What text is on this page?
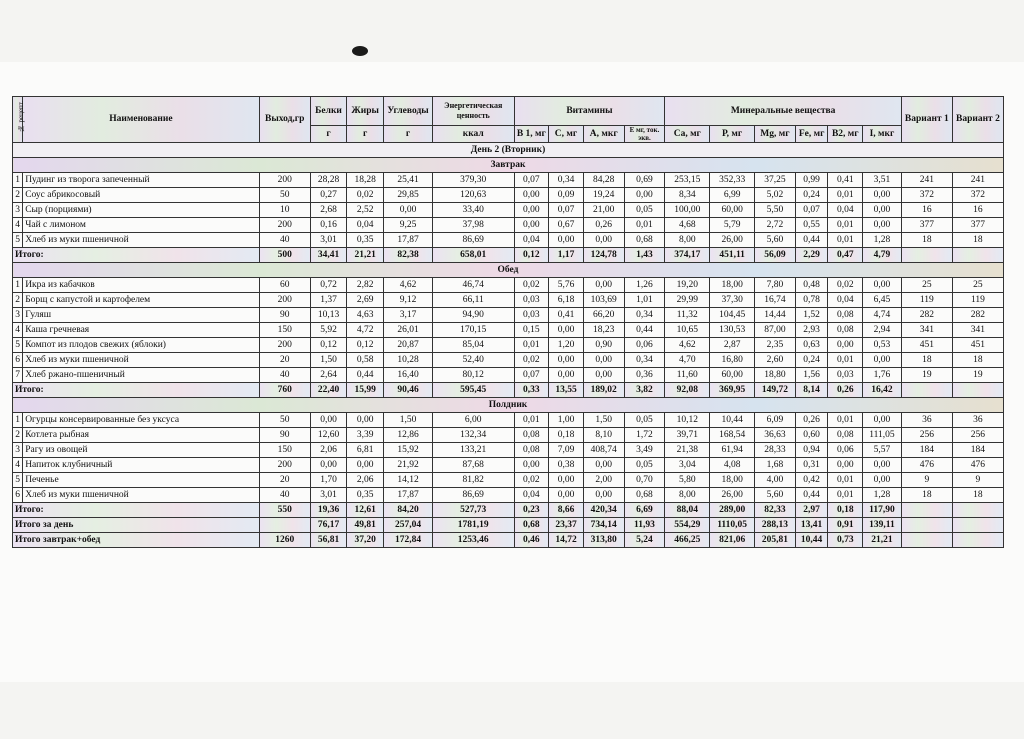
№ рецепт.	Наименование	Выход,гр	Белки	Жиры	Углеводы	Энергетическая ценность	Витамины				Минеральные вещества						Вариант 1	Вариант 2
			г	г	г	ккал	В 1, мг	С, мг	А, мкг	Е мг, ток. экв.	Са, мг	Р, мг	Mg, мг	Fe, мг	В2, мг	I, мкг		
День 2 (Вторник)																		
Завтрак																		
1	Пудинг из творога запеченный	200	28,28	18,28	25,41	379,30	0,07	0,34	84,28	0,69	253,15	352,33	37,25	0,99	0,41	3,51	241	241
2	Соус абрикосовый	50	0,27	0,02	29,85	120,63	0,00	0,09	19,24	0,00	8,34	6,99	5,02	0,24	0,01	0,00	372	372
3	Сыр (порциями)	10	2,68	2,52	0,00	33,40	0,00	0,07	21,00	0,05	100,00	60,00	5,50	0,07	0,04	0,00	16	16
4	Чай с лимоном	200	0,16	0,04	9,25	37,98	0,00	0,67	0,26	0,01	4,68	5,79	2,72	0,55	0,01	0,00	377	377
5	Хлеб из муки пшеничной	40	3,01	0,35	17,87	86,69	0,04	0,00	0,00	0,68	8,00	26,00	5,60	0,44	0,01	1,28	18	18
Итого:		500	34,41	21,21	82,38	658,01	0,12	1,17	124,78	1,43	374,17	451,11	56,09	2,29	0,47	4,79		
Обед																		
1	Икра из кабачков	60	0,72	2,82	4,62	46,74	0,02	5,76	0,00	1,26	19,20	18,00	7,80	0,48	0,02	0,00	25	25
2	Борщ с капустой и картофелем	200	1,37	2,69	9,12	66,11	0,03	6,18	103,69	1,01	29,99	37,30	16,74	0,78	0,04	6,45	119	119
3	Гуляш	90	10,13	4,63	3,17	94,90	0,03	0,41	66,20	0,34	11,32	104,45	14,44	1,52	0,08	4,74	282	282
4	Каша гречневая	150	5,92	4,72	26,01	170,15	0,15	0,00	18,23	0,44	10,65	130,53	87,00	2,93	0,08	2,94	341	341
5	Компот из плодов свежих (яблоки)	200	0,12	0,12	20,87	85,04	0,01	1,20	0,90	0,06	4,62	2,87	2,35	0,63	0,00	0,53	451	451
6	Хлеб из муки пшеничной	20	1,50	0,58	10,28	52,40	0,02	0,00	0,00	0,34	4,70	16,80	2,60	0,24	0,01	0,00	18	18
7	Хлеб ржано-пшеничный	40	2,64	0,44	16,40	80,12	0,07	0,00	0,00	0,36	11,60	60,00	18,80	1,56	0,03	1,76	19	19
Итого:		760	22,40	15,99	90,46	595,45	0,33	13,55	189,02	3,82	92,08	369,95	149,72	8,14	0,26	16,42		
Полдник																		
1	Огурцы консервированные без уксуса	50	0,00	0,00	1,50	6,00	0,01	1,00	1,50	0,05	10,12	10,44	6,09	0,26	0,01	0,00	36	36
2	Котлета рыбная	90	12,60	3,39	12,86	132,34	0,08	0,18	8,10	1,72	39,71	168,54	36,63	0,60	0,08	111,05	256	256
3	Рагу из овощей	150	2,06	6,81	15,92	133,21	0,08	7,09	408,74	3,49	21,38	61,94	28,33	0,94	0,06	5,57	184	184
4	Напиток клубничный	200	0,00	0,00	21,92	87,68	0,00	0,38	0,00	0,05	3,04	4,08	1,68	0,31	0,00	0,00	476	476
5	Печенье	20	1,70	2,06	14,12	81,82	0,02	0,00	2,00	0,70	5,80	18,00	4,00	0,42	0,01	0,00	9	9
6	Хлеб из муки пшеничной	40	3,01	0,35	17,87	86,69	0,04	0,00	0,00	0,68	8,00	26,00	5,60	0,44	0,01	1,28	18	18
Итого:		550	19,36	12,61	84,20	527,73	0,23	8,66	420,34	6,69	88,04	289,00	82,33	2,97	0,18	117,90		
Итого за день			76,17	49,81	257,04	1781,19	0,68	23,37	734,14	11,93	554,29	1110,05	288,13	13,41	0,91	139,11		
Итого завтрак+обед		1260	56,81	37,20	172,84	1253,46	0,46	14,72	313,80	5,24	466,25	821,06	205,81	10,44	0,73	21,21		
